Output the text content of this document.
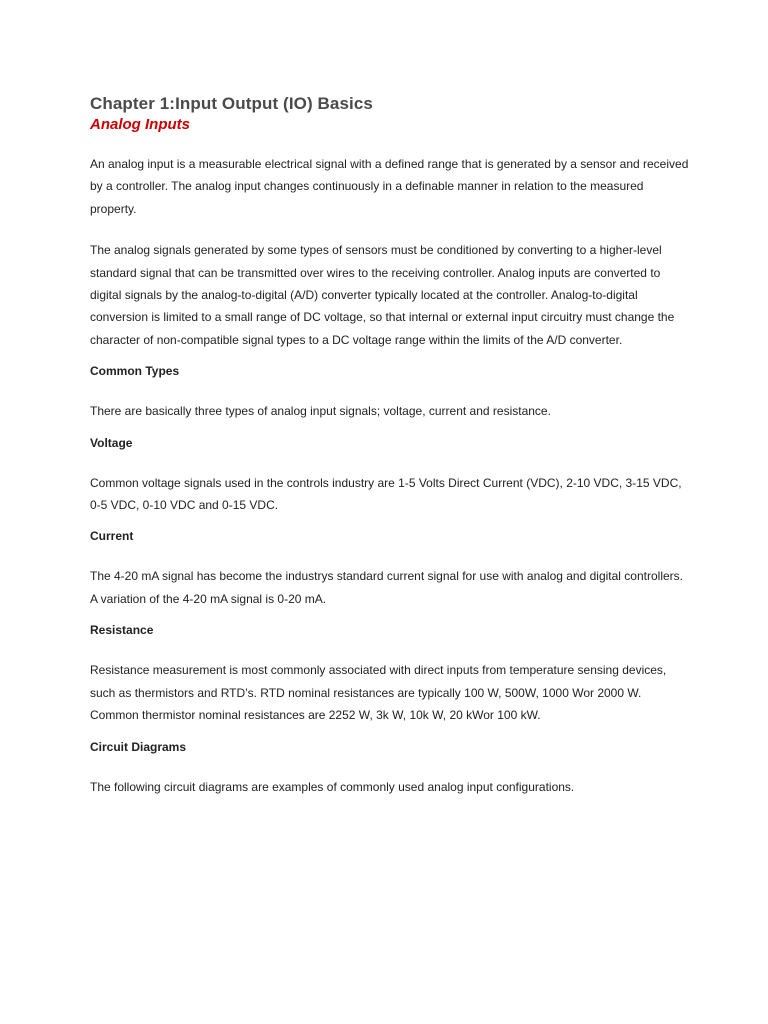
Chapter 1:Input Output (IO) Basics
Analog Inputs

An analog input is a measurable electrical signal with a defined range that is generated by a sensor and received by a controller. The analog input changes continuously in a definable manner in relation to the measured property.

The analog signals generated by some types of sensors must be conditioned by converting to a higher-level standard signal that can be transmitted over wires to the receiving controller. Analog inputs are converted to digital signals by the analog-to-digital (A/D) converter typically located at the controller. Analog-to-digital conversion is limited to a small range of DC voltage, so that internal or external input circuitry must change the character of non-compatible signal types to a DC voltage range within the limits of the A/D converter.

Common Types

There are basically three types of analog input signals; voltage, current and resistance.

Voltage

Common voltage signals used in the controls industry are 1-5 Volts Direct Current (VDC), 2-10 VDC, 3-15 VDC, 0-5 VDC, 0-10 VDC and 0-15 VDC.

Current

The 4-20 mA signal has become the industrys standard current signal for use with analog and digital controllers. A variation of the 4-20 mA signal is 0-20 mA.

Resistance

Resistance measurement is most commonly associated with direct inputs from temperature sensing devices, such as thermistors and RTD’s. RTD nominal resistances are typically 100 W, 500W, 1000 Wor 2000 W. Common thermistor nominal resistances are 2252 W, 3k W, 10k W, 20 kWor 100 kW.

Circuit Diagrams

The following circuit diagrams are examples of commonly used analog input configurations.
